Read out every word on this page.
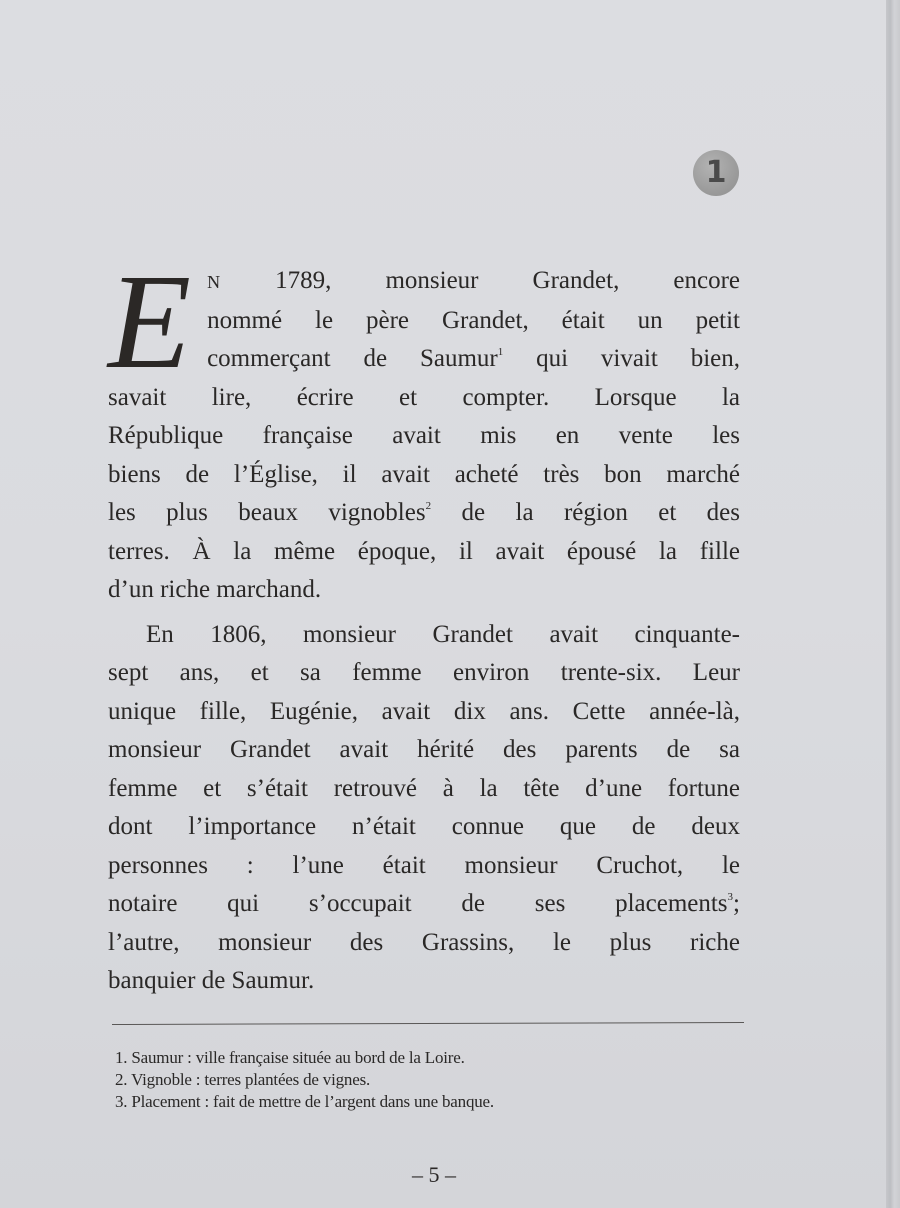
1
E N 1789, monsieur Grandet, encore
nommé le père Grandet, était un petit
commerçant de Saumur$^1$ qui vivait bien,
savait lire, écrire et compter. Lorsque la
République française avait mis en vente les
biens de l’Église, il avait acheté très bon marché
les plus beaux vignobles$^2$ de la région et des
terres. À la même époque, il avait épousé la fille
d’un riche marchand.
En 1806, monsieur Grandet avait cinquante-
sept ans, et sa femme environ trente-six. Leur
unique fille, Eugénie, avait dix ans. Cette année-là,
monsieur Grandet avait hérité des parents de sa
femme et s’était retrouvé à la tête d’une fortune
dont l’importance n’était connue que de deux
personnes : l’une était monsieur Cruchot, le
notaire qui s’occupait de ses placements$^3$;
l’autre, monsieur des Grassins, le plus riche
banquier de Saumur.
1. Saumur : ville française située au bord de la Loire.
2. Vignoble : terres plantées de vignes.
3. Placement : fait de mettre de l’argent dans une banque.
– 5 –
